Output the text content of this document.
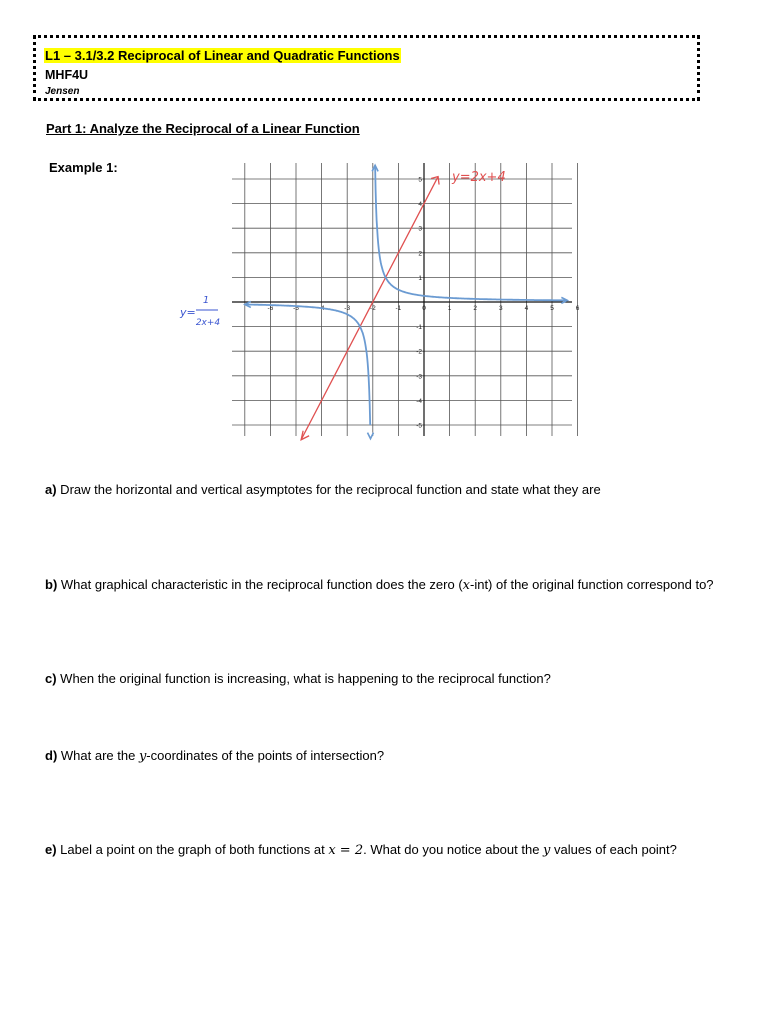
L1 – 3.1/3.2 Reciprocal of Linear and Quadratic Functions
MHF4U
Jensen
Part 1: Analyze the Reciprocal of a Linear Function
Example 1:
-6	-5	-4	-3	-2	-1	0	1	2	3	4	5	6
5
4
3
2
1
-1
-2
-3
-4
-5
y=2x+4
y=
1
2x+4
a) Draw the horizontal and vertical asymptotes for the reciprocal function and state what they are
b) What graphical characteristic in the reciprocal function does the zero (x-int) of the original function correspond to?
c) When the original function is increasing, what is happening to the reciprocal function?
d) What are the y-coordinates of the points of intersection?
e) Label a point on the graph of both functions at x = 2. What do you notice about the y values of each point?
